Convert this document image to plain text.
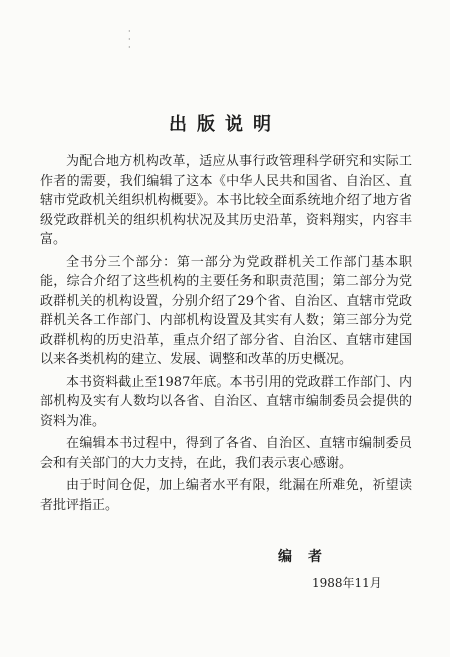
·
·
·
出版说明

为配合地方机构改革，适应从事行政管理科学研究和实际工作者的需要，我们编辑了这本《中华人民共和国省、自治区、直辖市党政机关组织机构概要》。本书比较全面系统地介绍了地方省级党政群机关的组织机构状况及其历史沿革，资料翔实，内容丰富。

全书分三个部分：第一部分为党政群机关工作部门基本职能，综合介绍了这些机构的主要任务和职责范围；第二部分为党政群机关的机构设置，分别介绍了29个省、自治区、直辖市党政群机关各工作部门、内部机构设置及其实有人数；第三部分为党政群机构的历史沿革，重点介绍了部分省、自治区、直辖市建国以来各类机构的建立、发展、调整和改革的历史概况。

本书资料截止至1987年底。本书引用的党政群工作部门、内部机构及实有人数均以各省、自治区、直辖市编制委员会提供的资料为准。

在编辑本书过程中，得到了各省、自治区、直辖市编制委员会和有关部门的大力支持，在此，我们表示衷心感谢。

由于时间仓促，加上编者水平有限，纰漏在所难免，祈望读者批评指正。

编者
1988年11月
